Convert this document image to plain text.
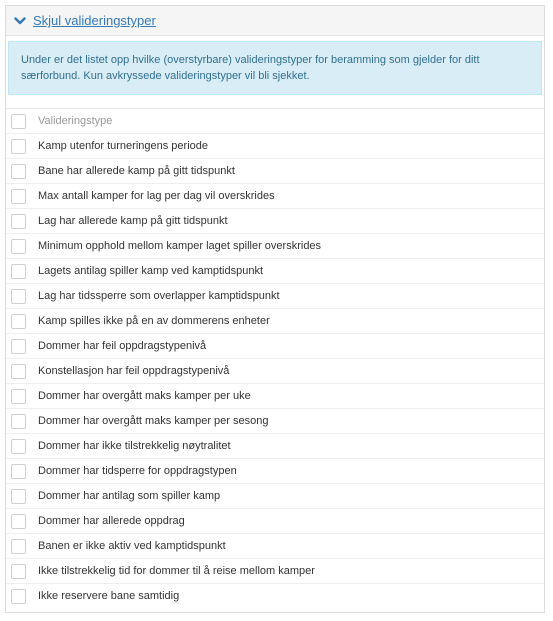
Skjul valideringstyper
Under er det listet opp hvilke (overstyrbare) valideringstyper for beramming som gjelder for ditt særforbund. Kun avkryssede valideringstyper vil bli sjekket.
Valideringstype
Kamp utenfor turneringens periode
Bane har allerede kamp på gitt tidspunkt
Max antall kamper for lag per dag vil overskrides
Lag har allerede kamp på gitt tidspunkt
Minimum opphold mellom kamper laget spiller overskrides
Lagets antilag spiller kamp ved kamptidspunkt
Lag har tidssperre som overlapper kamptidspunkt
Kamp spilles ikke på en av dommerens enheter
Dommer har feil oppdragstypenivå
Konstellasjon har feil oppdragstypenivå
Dommer har overgått maks kamper per uke
Dommer har overgått maks kamper per sesong
Dommer har ikke tilstrekkelig nøytralitet
Dommer har tidsperre for oppdragstypen
Dommer har antilag som spiller kamp
Dommer har allerede oppdrag
Banen er ikke aktiv ved kamptidspunkt
Ikke tilstrekkelig tid for dommer til å reise mellom kamper
Ikke reservere bane samtidig
